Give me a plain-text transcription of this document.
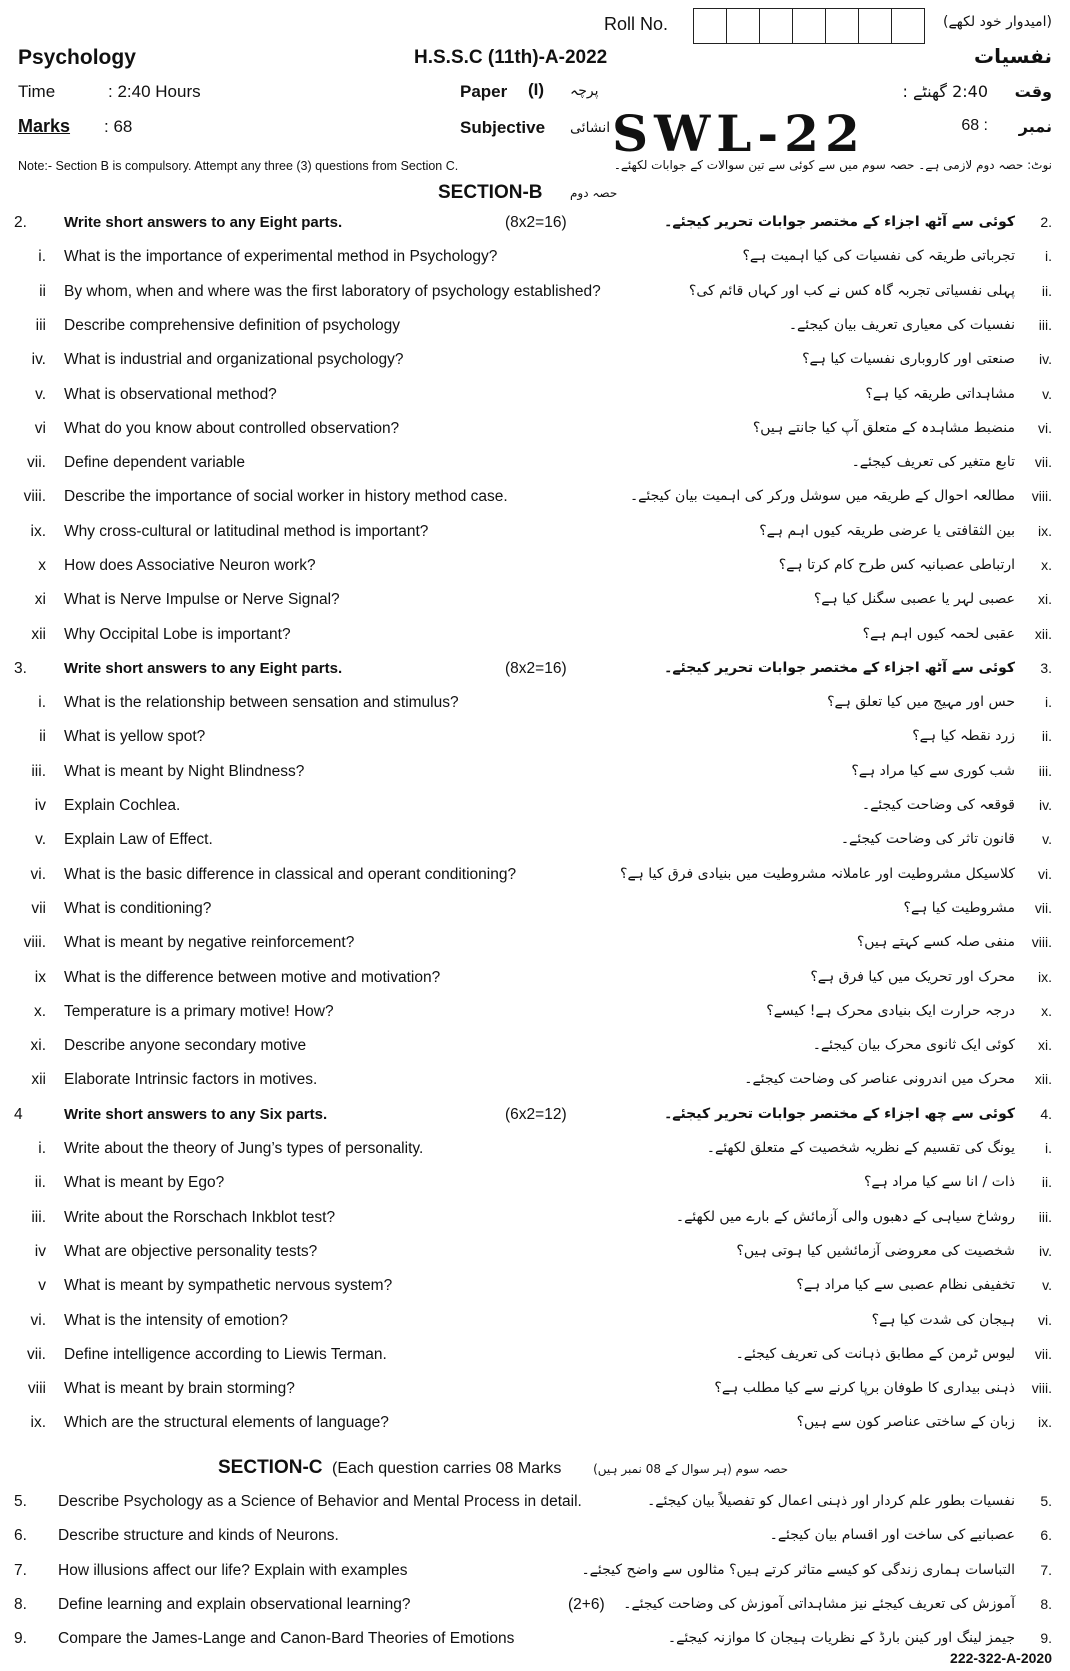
Roll No.	(امیدوار خود لکھے)
Psychology	H.S.S.C (11th)-A-2022	نفسیات
Time	: 2:40 Hours	Paper (I) پرچہ	2:40 گھنٹے : وقت
Marks : 68	Subjective انشائی SWL-22	68 : نمبر
Note:- Section B is compulsory. Attempt any three (3) questions from Section C.	نوٹ: حصہ دوم لازمی ہے۔ حصہ سوم میں سے کوئی سے تین سوالات کے جوابات لکھئے۔
SECTION-B حصہ دوم
2.	Write short answers to any Eight parts.	(8x2=16)	کوئی سے آٹھ اجزاء کے مختصر جوابات تحریر کیجئے۔ 2.
i. What is the importance of experimental method in Psychology?	تجرباتی طریقہ کی نفسیات کی کیا اہمیت ہے؟ i.
ii By whom, when and where was the first laboratory of psychology established?	پہلی نفسیاتی تجربہ گاہ کس نے کب اور کہاں قائم کی؟ ii.
iii Describe comprehensive definition of psychology	نفسیات کی معیاری تعریف بیان کیجئے۔ iii.
iv. What is industrial and organizational psychology?	صنعتی اور کاروباری نفسیات کیا ہے؟ iv.
v. What is observational method?	مشاہداتی طریقہ کیا ہے؟ v.
vi What do you know about controlled observation?	منضبط مشاہدہ کے متعلق آپ کیا جانتے ہیں؟ vi.
vii. Define dependent variable	تابع متغیر کی تعریف کیجئے۔ vii.
viii. Describe the importance of social worker in history method case.	مطالعہ احوال کے طریقہ میں سوشل ورکر کی اہمیت بیان کیجئے۔ viii.
ix. Why cross-cultural or latitudinal method is important?	بین الثقافتی یا عرضی طریقہ کیوں اہم ہے؟ ix.
x How does Associative Neuron work?	ارتباطی عصبانیہ کس طرح کام کرتا ہے؟ x.
xi What is Nerve Impulse or Nerve Signal?	عصبی لہر یا عصبی سگنل کیا ہے؟ xi.
xii Why Occipital Lobe is important?	عقبی لحمہ کیوں اہم ہے؟ xii.
3.	Write short answers to any Eight parts.	(8x2=16)	کوئی سے آٹھ اجزاء کے مختصر جوابات تحریر کیجئے۔ 3.
i. What is the relationship between sensation and stimulus?	حس اور مہیج میں کیا تعلق ہے؟ i.
ii What is yellow spot?	زرد نقطہ کیا ہے؟ ii.
iii. What is meant by Night Blindness?	شب کوری سے کیا مراد ہے؟ iii.
iv Explain Cochlea.	قوقعہ کی وضاحت کیجئے۔ iv.
v. Explain Law of Effect.	قانون تاثر کی وضاحت کیجئے۔ v.
vi. What is the basic difference in classical and operant conditioning?	کلاسیکل مشروطیت اور عاملانہ مشروطیت میں بنیادی فرق کیا ہے؟ vi.
vii What is conditioning?	مشروطیت کیا ہے؟ vii.
viii. What is meant by negative reinforcement?	منفی صلہ کسے کہتے ہیں؟ viii.
ix What is the difference between motive and motivation?	محرک اور تحریک میں کیا فرق ہے؟ ix.
x. Temperature is a primary motive! How?	درجہ حرارت ایک بنیادی محرک ہے! کیسے؟ x.
xi. Describe anyone secondary motive	کوئی ایک ثانوی محرک بیان کیجئے۔ xi.
xii Elaborate Intrinsic factors in motives.	محرک میں اندرونی عناصر کی وضاحت کیجئے۔ xii.
4	Write short answers to any Six parts.	(6x2=12)	کوئی سے چھ اجزاء کے مختصر جوابات تحریر کیجئے۔ 4.
i. Write about the theory of Jung’s types of personality.	یونگ کی تقسیم کے نظریہ شخصیت کے متعلق لکھئے۔ i.
ii. What is meant by Ego?	ذات / انا سے کیا مراد ہے؟ ii.
iii. Write about the Rorschach Inkblot test?	روشاخ سیاہی کے دھبوں والی آزمائش کے بارے میں لکھئے۔ iii.
iv What are objective personality tests?	شخصیت کی معروضی آزمائشیں کیا ہوتی ہیں؟ iv.
v What is meant by sympathetic nervous system?	تخفیفی نظام عصبی سے کیا مراد ہے؟ v.
vi. What is the intensity of emotion?	ہیجان کی شدت کیا ہے؟ vi.
vii. Define intelligence according to Liewis Terman.	لیوس ٹرمن کے مطابق ذہانت کی تعریف کیجئے۔ vii.
viii What is meant by brain storming?	ذہنی بیداری کا طوفان برپا کرنے سے کیا مطلب ہے؟ viii.
ix. Which are the structural elements of language?	زبان کے ساختی عناصر کون سے ہیں؟ ix.
SECTION-C (Each question carries 08 Marks	حصہ سوم (ہر سوال کے 08 نمبر ہیں)
5.	Describe Psychology as a Science of Behavior and Mental Process in detail.	نفسیات بطور علم کردار اور ذہنی اعمال کو تفصیلاً بیان کیجئے۔ 5.
6.	Describe structure and kinds of Neurons.	عصبانیے کی ساخت اور اقسام بیان کیجئے۔ 6.
7.	How illusions affect our life? Explain with examples	التباسات ہماری زندگی کو کیسے متاثر کرتے ہیں؟ مثالوں سے واضح کیجئے۔ 7.
8.	Define learning and explain observational learning?	(2+6) آموزش کی تعریف کیجئے نیز مشاہداتی آموزش کی وضاحت کیجئے۔ 8.
9.	Compare the James-Lange and Canon-Bard Theories of Emotions	جیمز لینگ اور کینن بارڈ کے نظریات ہیجان کا موازنہ کیجئے۔ 9.
222-322-A-2020
